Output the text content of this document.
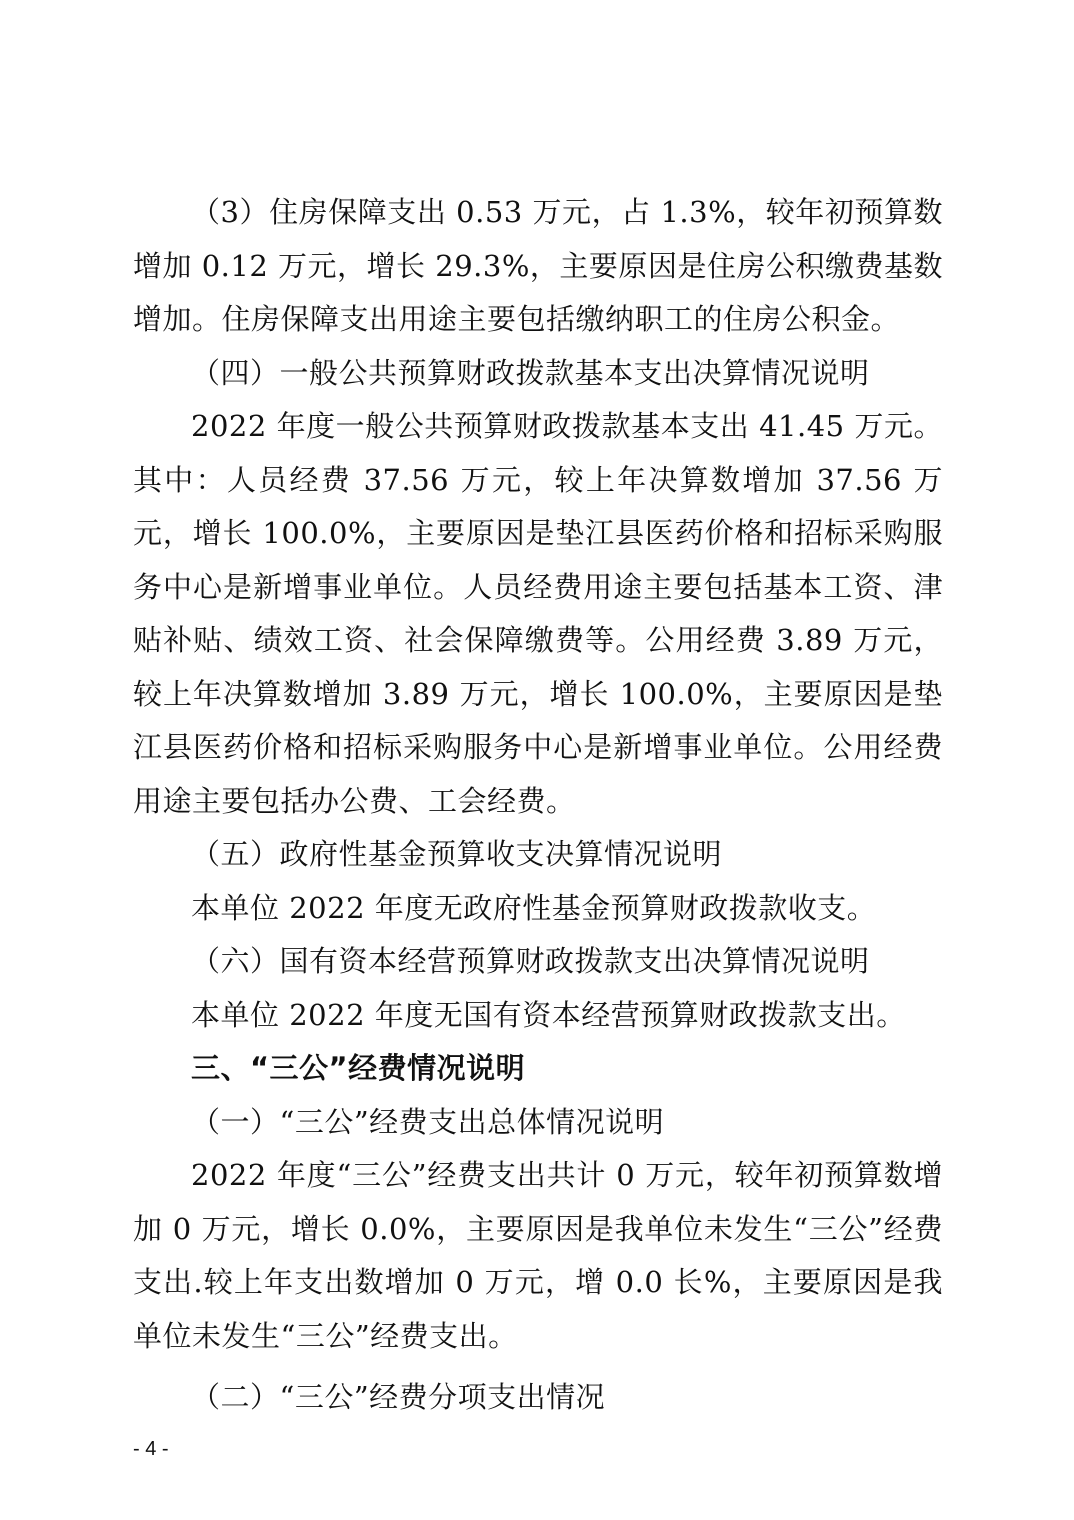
（3）住房保障支出 0.53 万元，占 1.3%，较年初预算数增加 0.12 万元，增长 29.3%，主要原因是住房公积缴费基数增加。住房保障支出用途主要包括缴纳职工的住房公积金。

（四）一般公共预算财政拨款基本支出决算情况说明

2022 年度一般公共预算财政拨款基本支出 41.45 万元。其中：人员经费 37.56 万元，较上年决算数增加 37.56 万元，增长 100.0%，主要原因是垫江县医药价格和招标采购服务中心是新增事业单位。人员经费用途主要包括基本工资、津贴补贴、绩效工资、社会保障缴费等。公用经费 3.89 万元，较上年决算数增加 3.89 万元，增长 100.0%，主要原因是垫江县医药价格和招标采购服务中心是新增事业单位。公用经费用途主要包括办公费、工会经费。

（五）政府性基金预算收支决算情况说明

本单位 2022 年度无政府性基金预算财政拨款收支。

（六）国有资本经营预算财政拨款支出决算情况说明

本单位 2022 年度无国有资本经营预算财政拨款支出。

三、“三公”经费情况说明

（一）“三公”经费支出总体情况说明

2022 年度“三公”经费支出共计 0 万元，较年初预算数增加 0 万元，增长 0.0%，主要原因是我单位未发生“三公”经费支出.较上年支出数增加 0 万元，增 0.0 长%，主要原因是我单位未发生“三公”经费支出。

（二）“三公”经费分项支出情况

- 4 -
